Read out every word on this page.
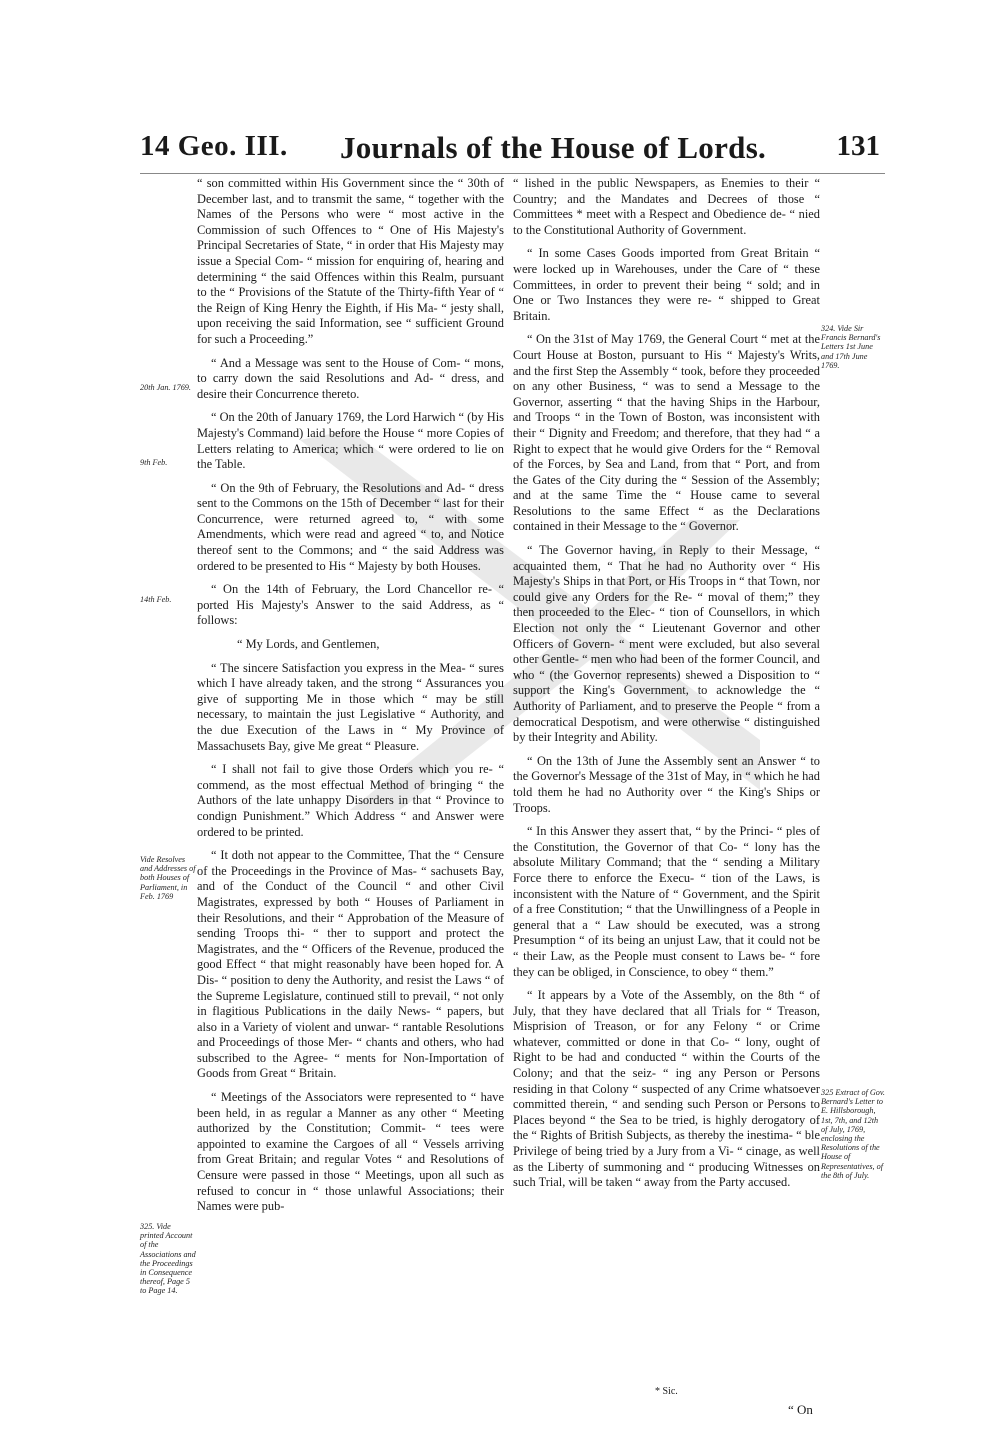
14 Geo. III. Journals of the House of Lords. 131

“ son committed within His Government since the “ 30th of December last, and to transmit the same, “ together with the Names of the Persons who were “ most active in the Commission of such Offences to “ One of His Majesty's Principal Secretaries of State, “ in order that His Majesty may issue a Special Com- “ mission for enquiring of, hearing and determining “ the said Offences within this Realm, pursuant to the “ Provisions of the Statute of the Thirty-fifth Year of “ the Reign of King Henry the Eighth, if His Ma- “ jesty shall, upon receiving the said Information, see “ sufficient Ground for such a Proceeding.”

“ And a Message was sent to the House of Com- “ mons, to carry down the said Resolutions and Ad- “ dress, and desire their Concurrence thereto.

“ On the 20th of January 1769, the Lord Harwich “ (by His Majesty's Command) laid before the House “ more Copies of Letters relating to America; which “ were ordered to lie on the Table.

“ On the 9th of February, the Resolutions and Ad- “ dress sent to the Commons on the 15th of December “ last for their Concurrence, were returned agreed to, “ with some Amendments, which were read and agreed “ to, and Notice thereof sent to the Commons; and “ the said Address was ordered to be presented to His “ Majesty by both Houses.

“ On the 14th of February, the Lord Chancellor re- “ ported His Majesty's Answer to the said Address, as “ follows:

“ My Lords, and Gentlemen,

“ The sincere Satisfaction you express in the Mea- “ sures which I have already taken, and the strong “ Assurances you give of supporting Me in those which “ may be still necessary, to maintain the just Legislative “ Authority, and the due Execution of the Laws in “ My Province of Massachusets Bay, give Me great “ Pleasure.

“ I shall not fail to give those Orders which you re- “ commend, as the most effectual Method of bringing “ the Authors of the late unhappy Disorders in that “ Province to condign Punishment.” Which Address “ and Answer were ordered to be printed.

“ It doth not appear to the Committee, That the “ Censure of the Proceedings in the Province of Mas- “ sachusets Bay, and of the Conduct of the Council “ and other Civil Magistrates, expressed by both “ Houses of Parliament in their Resolutions, and their “ Approbation of the Measure of sending Troops thi- “ ther to support and protect the Magistrates, and the “ Officers of the Revenue, produced the good Effect “ that might reasonably have been hoped for. A Dis- “ position to deny the Authority, and resist the Laws “ of the Supreme Legislature, continued still to prevail, “ not only in flagitious Publications in the daily News- “ papers, but also in a Variety of violent and unwar- “ rantable Resolutions and Proceedings of those Mer- “ chants and others, who had subscribed to the Agree- “ ments for Non-Importation of Goods from Great “ Britain.

“ Meetings of the Associators were represented to “ have been held, in as regular a Manner as any other “ Meeting authorized by the Constitution; Commit- “ tees were appointed to examine the Cargoes of all “ Vessels arriving from Great Britain; and regular Votes “ and Resolutions of Censure were passed in those “ Meetings, upon all such as refused to concur in “ those unlawful Associations; their Names were pub-

“ lished in the public Newspapers, as Enemies to their “ Country; and the Mandates and Decrees of those “ Committees * meet with a Respect and Obedience de- “ nied to the Constitutional Authority of Government.

“ In some Cases Goods imported from Great Britain “ were locked up in Warehouses, under the Care of “ these Committees, in order to prevent their being “ sold; and in One or Two Instances they were re- “ shipped to Great Britain.

“ On the 31st of May 1769, the General Court “ met at the Court House at Boston, pursuant to His “ Majesty's Writs, and the first Step the Assembly “ took, before they proceeded on any other Business, “ was to send a Message to the Governor, asserting “ that the having Ships in the Harbour, and Troops “ in the Town of Boston, was inconsistent with their “ Dignity and Freedom; and therefore, that they had “ a Right to expect that he would give Orders for the “ Removal of the Forces, by Sea and Land, from that “ Port, and from the Gates of the City during the “ Session of the Assembly; and at the same Time the “ House came to several Resolutions to the same Effect “ as the Declarations contained in their Message to the “ Governor.

“ The Governor having, in Reply to their Message, “ acquainted them, “ That he had no Authority over “ His Majesty's Ships in that Port, or His Troops in “ that Town, nor could give any Orders for the Re- “ moval of them;” they then proceeded to the Elec- “ tion of Counsellors, in which Election not only the “ Lieutenant Governor and other Officers of Govern- “ ment were excluded, but also several other Gentle- “ men who had been of the former Council, and who “ (the Governor represents) shewed a Disposition to “ support the King's Government, to acknowledge the “ Authority of Parliament, and to preserve the People “ from a democratical Despotism, and were otherwise “ distinguished by their Integrity and Ability.

“ On the 13th of June the Assembly sent an Answer “ to the Governor's Message of the 31st of May, in “ which he had told them he had no Authority over “ the King's Ships or Troops.

“ In this Answer they assert that, “ by the Princi- “ ples of the Constitution, the Governor of that Co- “ lony has the absolute Military Command; that the “ sending a Military Force there to enforce the Execu- “ tion of the Laws, is inconsistent with the Nature of “ Government, and the Spirit of a free Constitution; “ that the Unwillingness of a People in general that a “ Law should be executed, was a strong Presumption “ of its being an unjust Law, that it could not be “ their Law, as the People must consent to Laws be- “ fore they can be obliged, in Conscience, to obey “ them.”

“ It appears by a Vote of the Assembly, on the 8th “ of July, that they have declared that all Trials for “ Treason, Misprision of Treason, or for any Felony “ or Crime whatever, committed or done in that Co- “ lony, ought of Right to be had and conducted “ within the Courts of the Colony; and that the seiz- “ ing any Person or Persons residing in that Colony “ suspected of any Crime whatsoever committed therein, “ and sending such Person or Persons to Places beyond “ the Sea to be tried, is highly derogatory of the “ Rights of British Subjects, as thereby the inestima- “ ble Privilege of being tried by a Jury from a Vi- “ cinage, as well as the Liberty of summoning and “ producing Witnesses on such Trial, will be taken “ away from the Party accused.

20th Jan. 1769.
9th Feb.
14th Feb.
Vide Resolves and Addresses of both Houses of Parliament, in Feb. 1769
325. Vide printed Account of the Associations and the Proceedings in Consequence thereof, Page 5 to Page 14.
324. Vide Sir Francis Bernard's Letters 1st June and 17th June 1769.
325 Extract of Gov. Bernard's Letter to E. Hillsborough, 1st, 7th, and 12th of July, 1769, enclosing the Resolutions of the House of Representatives, of the 8th of July.
* Sic.
“ On
